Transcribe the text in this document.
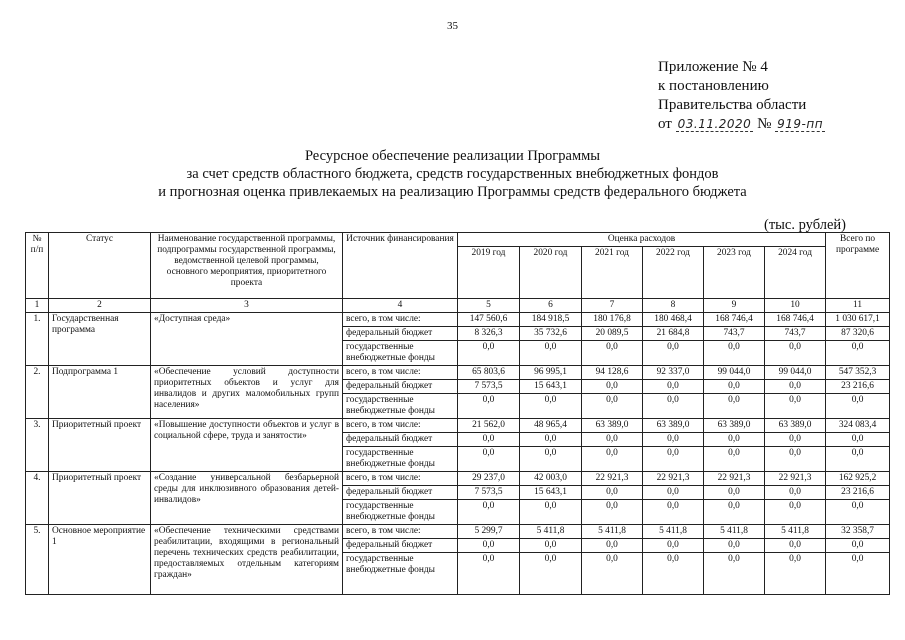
35
Приложение № 4
к постановлению
Правительства области
от 03.11.2020 № 919-пп
Ресурсное обеспечение реализации Программы
за счет средств областного бюджета, средств государственных внебюджетных фондов
и прогнозная оценка привлекаемых на реализацию Программы средств федерального бюджета
(тыс. рублей)
№ п/п	Статус	Наименование государственной программы, подпрограммы государственной программы, ведомственной целевой программы, основного мероприятия, приоритетного проекта	Источник финансирования	Оценка расходов						Всего по программе
				2019 год	2020 год	2021 год	2022 год	2023 год	2024 год	
1	2	3	4	5	6	7	8	9	10	11
1.	Государственная программа	«Доступная среда»	всего, в том числе:	147 560,6	184 918,5	180 176,8	180 468,4	168 746,4	168 746,4	1 030 617,1
			федеральный бюджет	8 326,3	35 732,6	20 089,5	21 684,8	743,7	743,7	87 320,6
			государственные внебюджетные фонды	0,0	0,0	0,0	0,0	0,0	0,0	0,0
2.	Подпрограмма 1	«Обеспечение условий доступности приоритетных объектов и услуг для инвалидов и других маломобильных групп населения»	всего, в том числе:	65 803,6	96 995,1	94 128,6	92 337,0	99 044,0	99 044,0	547 352,3
			федеральный бюджет	7 573,5	15 643,1	0,0	0,0	0,0	0,0	23 216,6
			государственные внебюджетные фонды	0,0	0,0	0,0	0,0	0,0	0,0	0,0
3.	Приоритетный проект	«Повышение доступности объектов и услуг в социальной сфере, труда и занятости»	всего, в том числе:	21 562,0	48 965,4	63 389,0	63 389,0	63 389,0	63 389,0	324 083,4
			федеральный бюджет	0,0	0,0	0,0	0,0	0,0	0,0	0,0
			государственные внебюджетные фонды	0,0	0,0	0,0	0,0	0,0	0,0	0,0
4.	Приоритетный проект	«Создание универсальной безбарьерной среды для инклюзивного образования детей-инвалидов»	всего, в том числе:	29 237,0	42 003,0	22 921,3	22 921,3	22 921,3	22 921,3	162 925,2
			федеральный бюджет	7 573,5	15 643,1	0,0	0,0	0,0	0,0	23 216,6
			государственные внебюджетные фонды	0,0	0,0	0,0	0,0	0,0	0,0	0,0
5.	Основное мероприятие 1	«Обеспечение техническими средствами реабилитации, входящими в региональный перечень технических средств реабилитации, предоставляемых отдельным категориям граждан»	всего, в том числе:	5 299,7	5 411,8	5 411,8	5 411,8	5 411,8	5 411,8	32 358,7
			федеральный бюджет	0,0	0,0	0,0	0,0	0,0	0,0	0,0
			государственные внебюджетные фонды	0,0	0,0	0,0	0,0	0,0	0,0	0,0
